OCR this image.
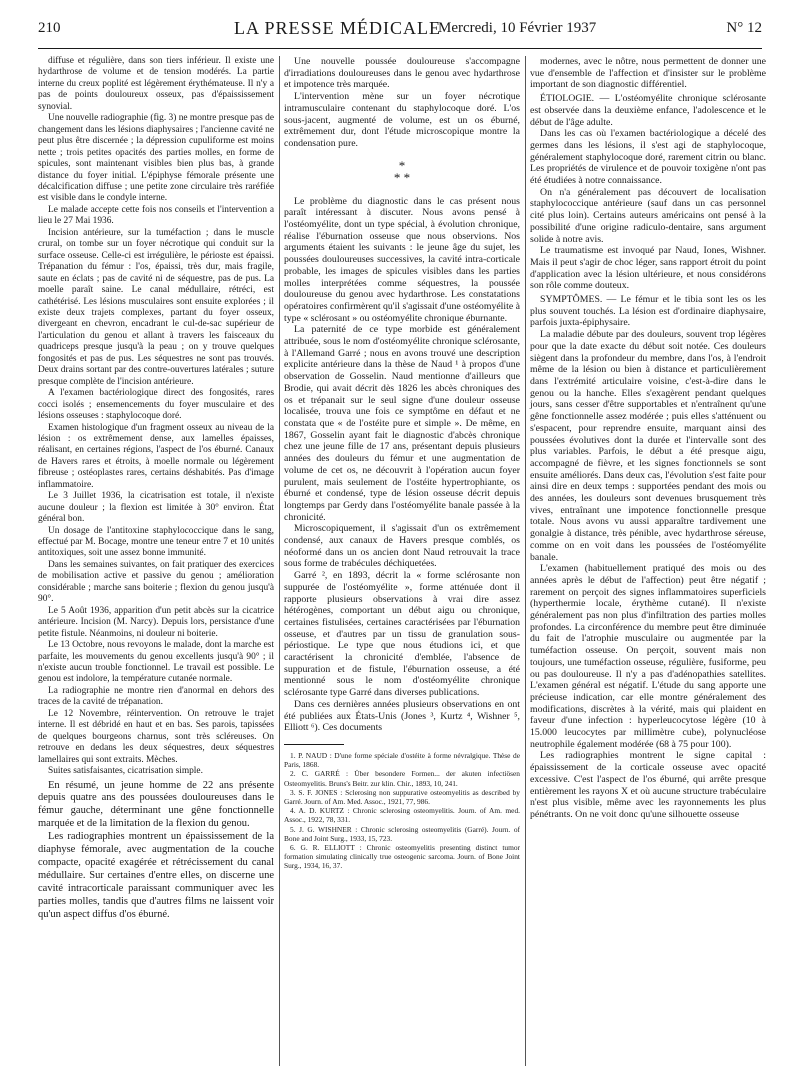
210	LA PRESSE MÉDICALE
Mercredi, 10 Février 1937	N° 12

diffuse et régulière, dans son tiers inférieur. Il existe une hydarthrose de volume et de tension modérés. La partie interne du creux poplité est légèrement érythémateuse. Il n'y a pas de points douloureux osseux, pas d'épaississement synovial.

Une nouvelle radiographie (fig. 3) ne montre presque pas de changement dans les lésions diaphysaires ; l'ancienne cavité ne peut plus être discernée ; la dépression cupuliforme est moins nette ; trois petites opacités des parties molles, en forme de spicules, sont maintenant visibles bien plus bas, à grande distance du foyer initial. L'épiphyse fémorale présente une décalcification diffuse ; une petite zone circulaire très raréfiée est visible dans le condyle interne.

Le malade accepte cette fois nos conseils et l'intervention a lieu le 27 Mai 1936.

Incision antérieure, sur la tuméfaction ; dans le muscle crural, on tombe sur un foyer nécrotique qui conduit sur la surface osseuse. Celle-ci est irrégulière, le périoste est épaissi. Trépanation du fémur : l'os, épaissi, très dur, mais fragile, saute en éclats ; pas de cavité ni de séquestre, pas de pus. La moelle paraît saine. Le canal médullaire, rétréci, est cathétérisé. Les lésions musculaires sont ensuite explorées ; il existe deux trajets complexes, partant du foyer osseux, divergeant en chevron, encadrant le cul-de-sac supérieur de l'articulation du genou et allant à travers les faisceaux du quadriceps presque jusqu'à la peau ; on y trouve quelques fongosités et pas de pus. Les séquestres ne sont pas trouvés. Deux drains sortant par des contre-ouvertures latérales ; suture presque complète de l'incision antérieure.

A l'examen bactériologique direct des fongosités, rares cocci isolés ; ensemencements du foyer musculaire et des lésions osseuses : staphylocoque doré.

Examen histologique d'un fragment osseux au niveau de la lésion : os extrêmement dense, aux lamelles épaisses, réalisant, en certaines régions, l'aspect de l'os éburné. Canaux de Havers rares et étroits, à moelle normale ou légèrement fibreuse ; ostéoplastes rares, certains déshabités. Pas d'image inflammatoire.

Le 3 Juillet 1936, la cicatrisation est totale, il n'existe aucune douleur ; la flexion est limitée à 30° environ. État général bon.

Un dosage de l'antitoxine staphylococcique dans le sang, effectué par M. Bocage, montre une teneur entre 7 et 10 unités antitoxiques, soit une assez bonne immunité.

Dans les semaines suivantes, on fait pratiquer des exercices de mobilisation active et passive du genou ; amélioration considérable ; marche sans boiterie ; flexion du genou jusqu'à 90°.

Le 5 Août 1936, apparition d'un petit abcès sur la cicatrice antérieure. Incision (M. Narcy). Depuis lors, persistance d'une petite fistule. Néanmoins, ni douleur ni boiterie.

Le 13 Octobre, nous revoyons le malade, dont la marche est parfaite, les mouvements du genou excellents jusqu'à 90° ; il n'existe aucun trouble fonctionnel. Le travail est possible. Le genou est indolore, la température cutanée normale.

La radiographie ne montre rien d'anormal en dehors des traces de la cavité de trépanation.

Le 12 Novembre, réintervention. On retrouve le trajet interne. Il est débridé en haut et en bas. Ses parois, tapissées de quelques bourgeons charnus, sont très scléreuses. On retrouve en dedans les deux séquestres, deux séquestres lamellaires qui sont extraits. Mèches.

Suites satisfaisantes, cicatrisation simple.

En résumé, un jeune homme de 22 ans présente depuis quatre ans des poussées douloureuses dans le fémur gauche, déterminant une gêne fonctionnelle marquée et de la limitation de la flexion du genou.

Les radiographies montrent un épaississement de la diaphyse fémorale, avec augmentation de la couche compacte, opacité exagérée et rétrécissement du canal médullaire. Sur certaines d'entre elles, on discerne une cavité intracorticale paraissant communiquer avec les parties molles, tandis que d'autres films ne laissent voir qu'un aspect diffus d'os éburné.

Une nouvelle poussée douloureuse s'accompagne d'irradiations douloureuses dans le genou avec hydarthrose et impotence très marquée.

L'intervention mène sur un foyer nécrotique intramusculaire contenant du staphylocoque doré. L'os sous-jacent, augmenté de volume, est un os éburné, extrêmement dur, dont l'étude microscopique montre la condensation pure.

*
* *

Le problème du diagnostic dans le cas présent nous paraît intéressant à discuter. Nous avons pensé à l'ostéomyélite, dont un type spécial, à évolution chronique, réalise l'éburnation osseuse que nous observions. Nos arguments étaient les suivants : le jeune âge du sujet, les poussées douloureuses successives, la cavité intra-corticale probable, les images de spicules visibles dans les parties molles interprétées comme séquestres, la poussée douloureuse du genou avec hydarthrose. Les constatations opératoires confirmèrent qu'il s'agissait d'une ostéomyélite à type « sclérosant » ou ostéomyélite chronique éburnante.

La paternité de ce type morbide est généralement attribuée, sous le nom d'ostéomyélite chronique sclérosante, à l'Allemand Garré ; nous en avons trouvé une description explicite antérieure dans la thèse de Naud ¹ à propos d'une observation de Gosselin. Naud mentionne d'ailleurs que Brodie, qui avait décrit dès 1826 les abcès chroniques des os et trépanait sur le seul signe d'une douleur osseuse localisée, trouva une fois ce symptôme en défaut et ne constata que « de l'ostéite pure et simple ». De même, en 1867, Gosselin ayant fait le diagnostic d'abcès chronique chez une jeune fille de 17 ans, présentant depuis plusieurs années des douleurs du fémur et une augmentation de volume de cet os, ne découvrit à l'opération aucun foyer purulent, mais seulement de l'ostéite hypertrophiante, os éburné et condensé, type de lésion osseuse décrit depuis longtemps par Gerdy dans l'ostéomyélite banale passée à la chronicité.

Microscopiquement, il s'agissait d'un os extrêmement condensé, aux canaux de Havers presque comblés, os néoformé dans un os ancien dont Naud retrouvait la trace sous forme de trabécules déchiquetées.

Garré ², en 1893, décrit la « forme sclérosante non suppurée de l'ostéomyélite », forme atténuée dont il rapporte plusieurs observations à vrai dire assez hétérogènes, comportant un début aigu ou chronique, certaines fistulisées, certaines caractérisées par l'éburnation osseuse, et d'autres par un tissu de granulation sous-périostique. Le type que nous étudions ici, et que caractérisent la chronicité d'emblée, l'absence de suppuration et de fistule, l'éburnation osseuse, a été mentionné sous le nom d'ostéomyélite chronique sclérosante type Garré dans diverses publications.

Dans ces dernières années plusieurs observations en ont été publiées aux États-Unis (Jones ³, Kurtz ⁴, Wishner ⁵, Elliott ⁶). Ces documents

1. P. NAUD : D'une forme spéciale d'ostéite à forme névralgique. Thèse de Paris, 1868.

2. C. GARRÉ : Über besondere Formen... der akuten infectiösen Osteomyelitis. Bruns's Beitr. zur klin. Chir., 1893, 10, 241.

3. S. F. JONES : Sclerosing non suppurative osteomyelitis as described by Garré. Journ. of Am. Med. Assoc., 1921, 77, 986.

4. A. D. KURTZ : Chronic sclerosing osteomyelitis. Journ. of Am. med. Assoc., 1922, 78, 331.

5. J. G. WISHNER : Chronic sclerosing osteomyelitis (Garré). Journ. of Bone and Joint Surg., 1933, 15, 723.

6. G. R. ELLIOTT : Chronic osteomyelitis presenting distinct tumor formation simulating clinically true osteogenic sarcoma. Journ. of Bone Joint Surg., 1934, 16, 37.

modernes, avec le nôtre, nous permettent de donner une vue d'ensemble de l'affection et d'insister sur le problème important de son diagnostic différentiel.

ÉTIOLOGIE. — L'ostéomyélite chronique sclérosante est observée dans la deuxième enfance, l'adolescence et le début de l'âge adulte.

Dans les cas où l'examen bactériologique a décelé des germes dans les lésions, il s'est agi de staphylocoque, généralement staphylocoque doré, rarement citrin ou blanc. Les propriétés de virulence et de pouvoir toxigène n'ont pas été étudiées à notre connaissance.

On n'a généralement pas découvert de localisation staphylococcique antérieure (sauf dans un cas personnel cité plus loin). Certains auteurs américains ont pensé à la possibilité d'une origine radiculo-dentaire, sans argument solide à notre avis.

Le traumatisme est invoqué par Naud, Iones, Wishner. Mais il peut s'agir de choc léger, sans rapport étroit du point d'application avec la lésion ultérieure, et nous considérons son rôle comme douteux.

SYMPTÔMES. — Le fémur et le tibia sont les os les plus souvent touchés. La lésion est d'ordinaire diaphysaire, parfois juxta-épiphysaire.

La maladie débute par des douleurs, souvent trop légères pour que la date exacte du début soit notée. Ces douleurs siègent dans la profondeur du membre, dans l'os, à l'endroit même de la lésion ou bien à distance et particulièrement dans l'extrémité articulaire voisine, c'est-à-dire dans le genou ou la hanche. Elles s'exagèrent pendant quelques jours, sans cesser d'être supportables et n'entraînent qu'une gêne fonctionnelle assez modérée ; puis elles s'atténuent ou s'espacent, pour reprendre ensuite, marquant ainsi des poussées évolutives dont la durée et l'intervalle sont des plus variables. Parfois, le début a été presque aigu, accompagné de fièvre, et les signes fonctionnels se sont ensuite améliorés. Dans deux cas, l'évolution s'est faite pour ainsi dire en deux temps : supportées pendant des mois ou des années, les douleurs sont devenues brusquement très vives, entraînant une impotence fonctionnelle presque totale. Nous avons vu aussi apparaître tardivement une gonalgie à distance, très pénible, avec hydarthrose séreuse, comme on en voit dans les poussées de l'ostéomyélite banale.

L'examen (habituellement pratiqué des mois ou des années après le début de l'affection) peut être négatif ; rarement on perçoit des signes inflammatoires superficiels (hyperthermie locale, érythème cutané). Il n'existe généralement pas non plus d'infiltration des parties molles profondes. La circonférence du membre peut être diminuée du fait de l'atrophie musculaire ou augmentée par la tuméfaction osseuse. On perçoit, souvent mais non toujours, une tuméfaction osseuse, régulière, fusiforme, peu ou pas douloureuse. Il n'y a pas d'adénopathies satellites. L'examen général est négatif. L'étude du sang apporte une précieuse indication, car elle montre généralement des modifications, discrètes à la vérité, mais qui plaident en faveur d'une infection : hyperleucocytose légère (10 à 15.000 leucocytes par millimètre cube), polynucléose neutrophile également modérée (68 à 75 pour 100).

Les radiographies montrent le signe capital : épaississement de la corticale osseuse avec opacité excessive. C'est l'aspect de l'os éburné, qui arrête presque entièrement les rayons X et où aucune structure trabéculaire n'est plus visible, même avec les rayonnements les plus pénétrants. On ne voit donc qu'une silhouette osseuse
